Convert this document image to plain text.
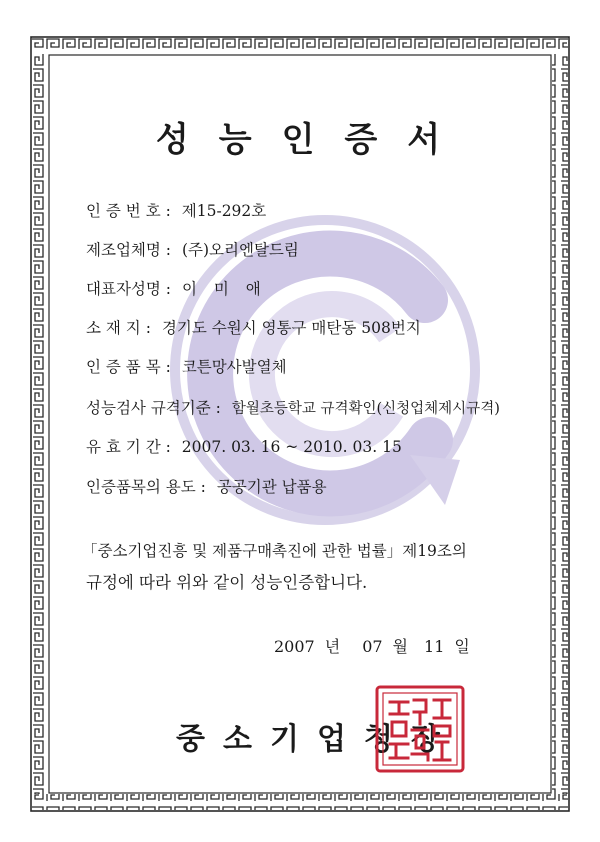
성능인증서
인 증 번 호 : 제15-292호
제조업체명 : (주)오리엔탈드림
대표자성명 : 이 미 애
소 재 지 : 경기도 수원시 영통구 매탄동 508번지
인 증 품 목 : 코튼망사발열체
성능검사 규격기준 : 함월초등학교 규격확인(신청업체제시규격)
유 효 기 간 : 2007. 03. 16 ~ 2010. 03. 15
인증품목의 용도 : 공공기관 납품용
「중소기업진흥 및 제품구매촉진에 관한 법률」제19조의
규정에 따라 위와 같이 성능인증합니다.
2007 년 07 월 11 일
중소기업청장
